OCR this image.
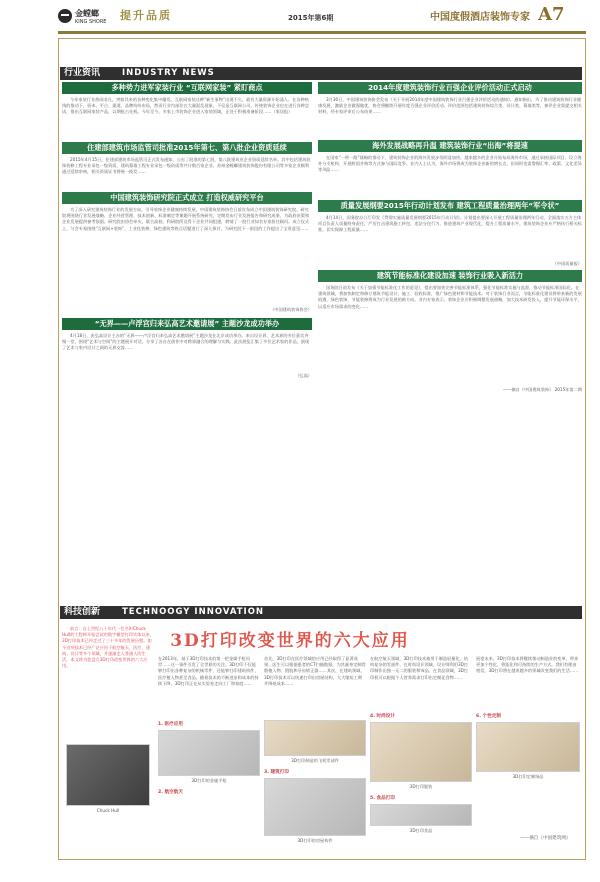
金螳螂
KING SHORE 提升品质	2015年第6期	中国度假酒店装饰专家 A7
行业资讯	INDUSTRY NEWS
多种势力进军家装行业 “互联网家装” 紧盯商点
今年家装行业热闹非凡，突如其来的各种变化集中爆发。互联网家装这种“新生事物”出现不久，就有大量资源开始涌入。在各种热钱的推动下，资本、平台、渠道、品牌纷纷布局，然而行业内部存在大量混乱现象，不仅是互联网公司，传统装饰企业也在进行各种尝试，推出互联网家装产品，以期抢占先机。今年至今，多家上市装饰企业进入家装领域，正处于积极准备阶段……（家居报）
住建部建筑市场监管司批准2015年第七、第八批企业资质延续
2015年4月15日，住建部建筑市场监管司正式发布通知，公布了批准的第七批、第八批建筑业企业资质延续名单。其中包括建筑装饰装修工程专业承包一级资质、建筑幕墙工程专业承包一级资质等共计数百家企业。苏州金螳螂建筑装饰股份有限公司等多家企业顺利通过延续审核，相关资质证书将统一换发……
中国建筑装饰研究院正式成立 打造权威研究平台
为了深入研究建筑装饰行业的发展方向，引导装饰企业健康持续发展，中国建筑装饰协会日前宣布成立中国建筑装饰研究院。研究院将围绕行业发展战略、企业经营管理、技术创新、标准制定等课题开展系统研究，定期发布行业发展报告和研究成果，为政府决策和企业发展提供参考依据。研究院由协会牵头，联合高校、科研院所及骨干企业共同组建，聘请了一批行业知名专家担任顾问。成立仪式上，与会专家围绕“互联网+装饰”、工业化装修、绿色建筑等热点话题进行了深入探讨，为研究院下一阶段的工作提出了宝贵意见……
（中国建筑装饰协会）
“无界——卢浮宫归来弘高艺术邀请展” 主题沙龙成功举办
4月18日，由弘高设计主办的“无界——卢浮宫归来弘高艺术邀请展”主题沙龙在北京成功举办。来自设计界、艺术界的多位嘉宾齐聚一堂，围绕“艺术与空间”的主题展开对话，分享了各自在创作中对跨界融合的理解与实践。此次展览汇集了多位艺术家的作品，展现了艺术与室内设计之间的无界交流……
（弘高）
2014年度建筑装饰行业百强企业评价活动正式启动
3月30日，中国建筑装饰协会发布《关于开展2014年度中国建筑装饰行业百强企业评价活动的通知》。通知指出，为了推动建筑装饰行业健康发展，激励企业做强做优，协会将继续开展年度百强企业评价活动。评价范围包括建筑装饰综合类、设计类、幕墙类等，参评企业需提交相关材料，经专家评审后公布结果……
海外发展战略再升温 建筑装饰行业“出海”将提速
在国家“一带一路”战略的推动下，建筑装饰企业的海外发展步伐明显加快。越来越多的企业开始布局海外市场，通过承接国际项目、设立海外分支机构、开展跨国并购等方式参与国际竞争。业内人士认为，海外市场将成为装饰企业新的增长点，但同时也需警惕汇率、政策、文化差异等风险……
质量发展纲要2015年行动计划发布 建筑工程质量治理两年“军令状”
4月14日，国务院办公厅印发《贯彻实施质量发展纲要2015年行动计划》。计划提出要深入开展工程质量治理两年行动，全面落实五方主体项目负责人质量终身责任，严厉打击建筑施工转包、违法分包行为，推进建筑产业现代化，提升工程质量水平。建筑装饰企业应严格执行相关标准，切实保障工程质量……
（中国质量报）
建筑节能标准化建设加速 装饰行业吸入新活力
国务院日前发布《关于加强节能标准化工作的意见》，提出要加快完善节能标准体系，强化节能标准实施与监督，推动节能标准国际化。在建筑领域，将加快制定和修订建筑节能设计、施工、验收标准，推广绿色建材和节能技术。对于装饰行业而言，节能标准化建设将带来新的发展机遇，绿色装饰、节能装修将成为行业发展的新方向。业内专家表示，装饰企业应积极调整发展战略，加大技术研发投入，提升节能环保水平，以适应市场需求的变化……
——摘自《中国建筑装饰》 2015年第二期
科技创新	TECHNOOGY INNOVATION
前言：自上世纪八十年代一位名叫Chuck Hull的工程师开始尝试用数字模型打印实体以来，3D打印技术已经走过了三十多年的发展历程。如今这项技术已经广泛应用于航空航天、医疗、建筑、设计等多个领域，并逐渐走入普通人的生活。本文将为您盘点3D打印改变世界的六大应用。
Chuck Hull
3D打印改变世界的六大应用
在2013年，基于3D打印技术的第一把金属手枪问世……这一事件引发了全世界的关注。3D打印不仅能够打印出各种复杂的机械零件，还能够打印建筑构件、医疗植入物甚至食品。随着技术的不断进步和成本的持续下降，3D打印正在从实验室走向工厂和家庭……
1. 医疗应用
3D打印的金属手枪
2. 航空航天
首先，3D打印在医疗领域的应用已经取得了显著成果。医生可以根据患者的CT扫描数据，为其量身定制骨骼植入物、假肢和牙齿矫正器……其次，在建筑领域，3D打印技术可以快速打印出房屋结构，大大缩短工期并降低成本……
3D打印制造的飞机零部件
3. 建筑打印
3D打印的房屋构件
在航空航天领域，3D打印技术被用于制造轻量化、结构复杂的零部件。在时尚设计领域，设计师利用3D打印制作出独一无二的服装和饰品。在食品领域，3D打印机可以根据个人营养需求打印出定制化食物……
4. 时尚设计
3D打印服装
5. 食品打印
3D打印食品
展望未来，3D打印技术将继续推动制造业的变革，带来更加个性化、智能化和可持续的生产方式。我们有理由相信，3D打印将在越来越多的领域改变我们的生活……
6. 个性定制
3D打印定制饰品
——摘自《中国建筑网》
